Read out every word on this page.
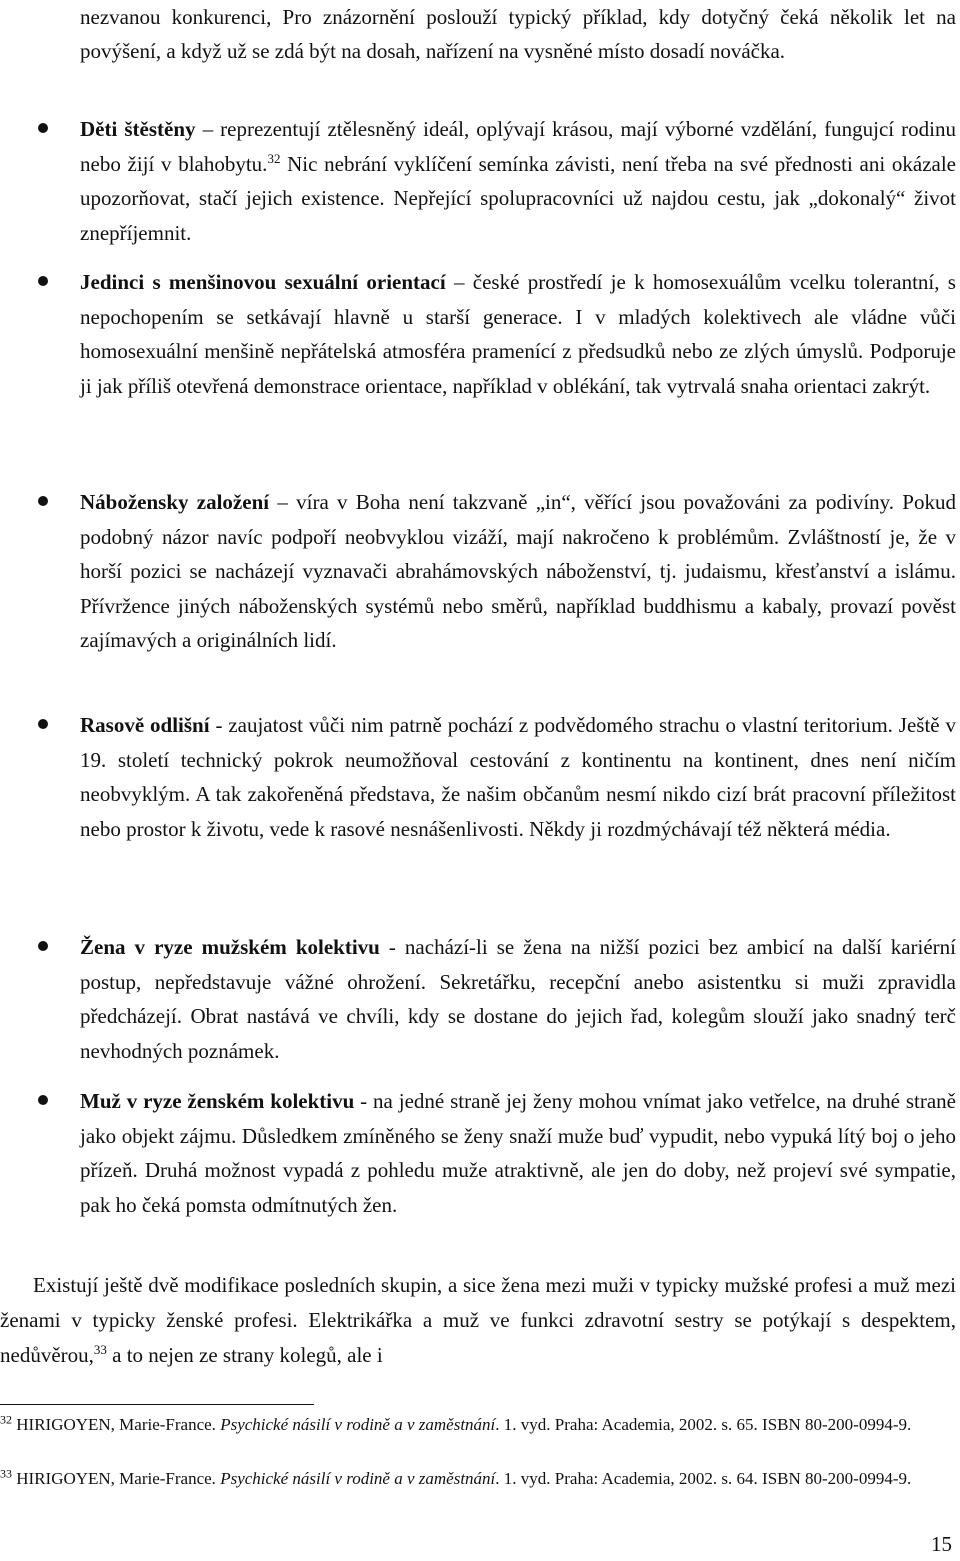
nezvanou konkurenci, Pro znázornění poslouží typický příklad, kdy dotyčný čeká několik let na povýšení, a když už se zdá být na dosah, nařízení na vysněné místo dosadí nováčka.

Děti štěstěny – reprezentují ztělesněný ideál, oplývají krásou, mají výborné vzdělání, fungujcí rodinu nebo žijí v blahobytu.$^{32}$ Nic nebrání vyklíčení semínka závisti, není třeba na své přednosti ani okázale upozorňovat, stačí jejich existence. Nepřející spolupracovníci už najdou cestu, jak „dokonalý“ život znepříjemnit.

Jedinci s menšinovou sexuální orientací – české prostředí je k homosexuálům vcelku tolerantní, s nepochopením se setkávají hlavně u starší generace. I v mladých kolektivech ale vládne vůči homosexuální menšině nepřátelská atmosféra pramenící z předsudků nebo ze zlých úmyslů. Podporuje ji jak příliš otevřená demonstrace orientace, například v oblékání, tak vytrvalá snaha orientaci zakrýt.

Nábožensky založení – víra v Boha není takzvaně „in“, věřící jsou považováni za podivíny. Pokud podobný názor navíc podpoří neobvyklou vizáží, mají nakročeno k problémům. Zvláštností je, že v horší pozici se nacházejí vyznavači abrahámovských náboženství, tj. judaismu, křesťanství a islámu. Přívržence jiných náboženských systémů nebo směrů, například buddhismu a kabaly, provazí pověst zajímavých a originálních lidí.

Rasově odlišní - zaujatost vůči nim patrně pochází z podvědomého strachu o vlastní teritorium. Ještě v 19. století technický pokrok neumožňoval cestování z kontinentu na kontinent, dnes není ničím neobvyklým. A tak zakořeněná představa, že našim občanům nesmí nikdo cizí brát pracovní příležitost nebo prostor k životu, vede k rasové nesnášenlivosti. Někdy ji rozdmýchávají též některá média.

Žena v ryze mužském kolektivu - nachází-li se žena na nižší pozici bez ambicí na další kariérní postup, nepředstavuje vážné ohrožení. Sekretářku, recepční anebo asistentku si muži zpravidla předcházejí. Obrat nastává ve chvíli, kdy se dostane do jejich řad, kolegům slouží jako snadný terč nevhodných poznámek.

Muž v ryze ženském kolektivu - na jedné straně jej ženy mohou vnímat jako vetřelce, na druhé straně jako objekt zájmu. Důsledkem zmíněného se ženy snaží muže buď vypudit, nebo vypuká lítý boj o jeho přízeň. Druhá možnost vypadá z pohledu muže atraktivně, ale jen do doby, než projeví své sympatie, pak ho čeká pomsta odmítnutých žen.

Existují ještě dvě modifikace posledních skupin, a sice žena mezi muži v typicky mužské profesi a muž mezi ženami v typicky ženské profesi. Elektrikářka a muž ve funkci zdravotní sestry se potýkají s despektem, nedůvěrou,$^{33}$ a to nejen ze strany kolegů, ale i

$^{32}$ HIRIGOYEN, Marie-France. Psychické násilí v rodině a v zaměstnání. 1. vyd. Praha: Academia, 2002. s. 65. ISBN 80-200-0994-9.

$^{33}$ HIRIGOYEN, Marie-France. Psychické násilí v rodině a v zaměstnání. 1. vyd. Praha: Academia, 2002. s. 64. ISBN 80-200-0994-9.

15
